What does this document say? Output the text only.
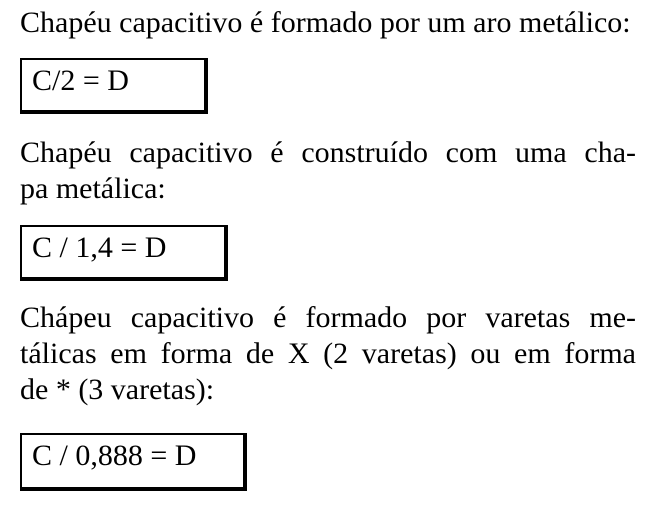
Chapéu capacitivo é formado por um aro metálico:

C/2 = D

Chapéu capacitivo é construído com uma cha-
pa metálica:

C / 1,4 = D

Chápeu capacitivo é formado por varetas me-
tálicas em forma de X (2 varetas) ou em forma
de * (3 varetas):

C / 0,888 = D
